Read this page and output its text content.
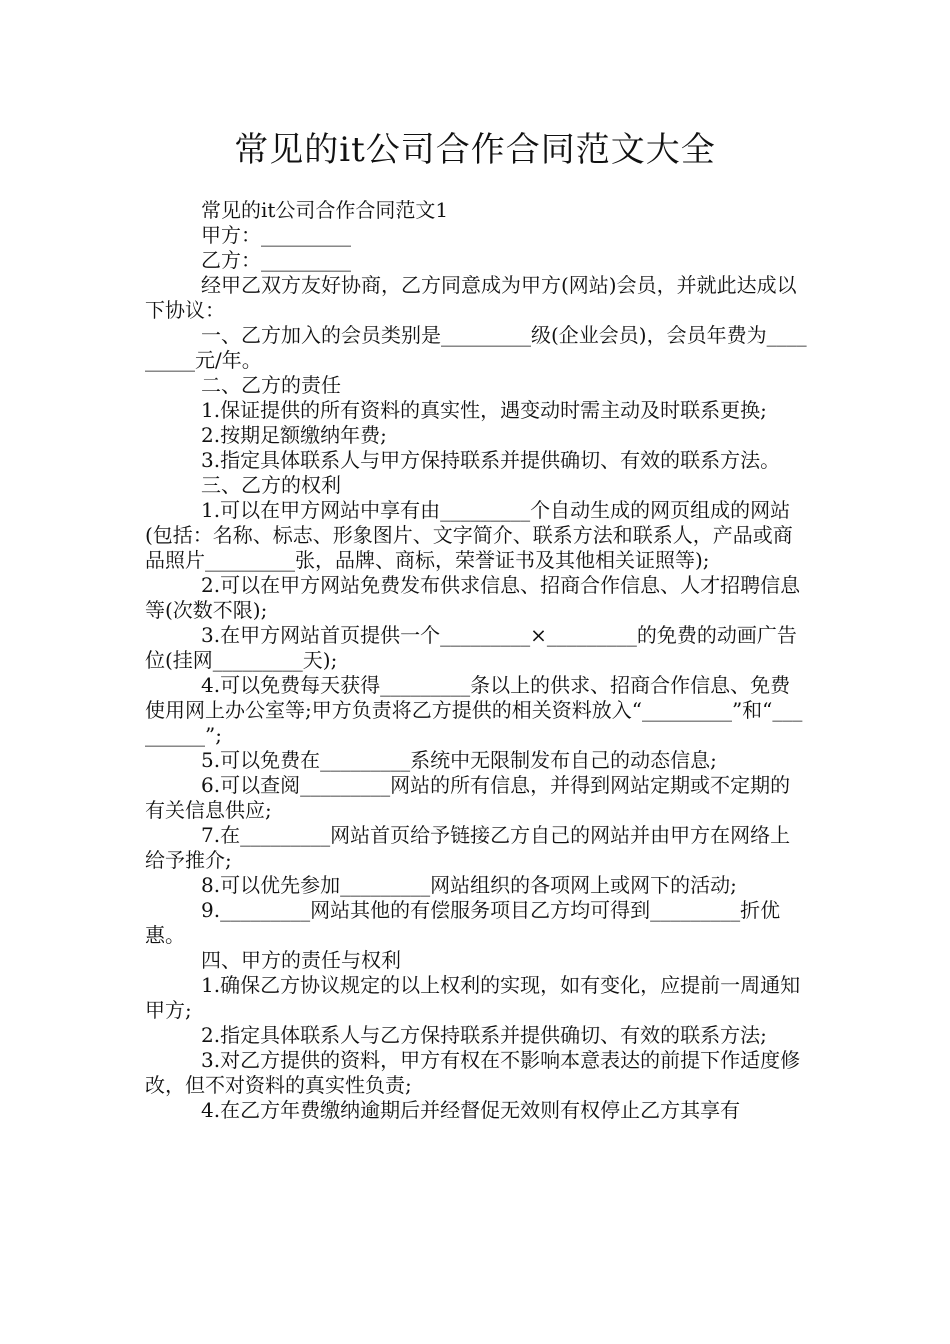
常见的it公司合作合同范文大全

常见的it公司合作合同范文1

甲方：_________

乙方：_________

经甲乙双方友好协商，乙方同意成为甲方(网站)会员，并就此达成以下协议：

一、乙方加入的会员类别是_________级(企业会员)，会员年费为_________元/年。

二、乙方的责任

1.保证提供的所有资料的真实性，遇变动时需主动及时联系更换;

2.按期足额缴纳年费;

3.指定具体联系人与甲方保持联系并提供确切、有效的联系方法。

三、乙方的权利

1.可以在甲方网站中享有由_________个自动生成的网页组成的网站(包括：名称、标志、形象图片、文字简介、联系方法和联系人，产品或商品照片_________张，品牌、商标，荣誉证书及其他相关证照等);

2.可以在甲方网站免费发布供求信息、招商合作信息、人才招聘信息等(次数不限);

3.在甲方网站首页提供一个_________×_________的免费的动画广告位(挂网_________天);

4.可以免费每天获得_________条以上的供求、招商合作信息、免费使用网上办公室等;甲方负责将乙方提供的相关资料放入“_________”和“_________”;

5.可以免费在_________系统中无限制发布自己的动态信息;

6.可以查阅_________网站的所有信息，并得到网站定期或不定期的有关信息供应;

7.在_________网站首页给予链接乙方自己的网站并由甲方在网络上给予推介;

8.可以优先参加_________网站组织的各项网上或网下的活动;

9._________网站其他的有偿服务项目乙方均可得到_________折优惠。

四、甲方的责任与权利

1.确保乙方协议规定的以上权利的实现，如有变化，应提前一周通知甲方;

2.指定具体联系人与乙方保持联系并提供确切、有效的联系方法;

3.对乙方提供的资料，甲方有权在不影响本意表达的前提下作适度修改，但不对资料的真实性负责;

4.在乙方年费缴纳逾期后并经督促无效则有权停止乙方其享有
